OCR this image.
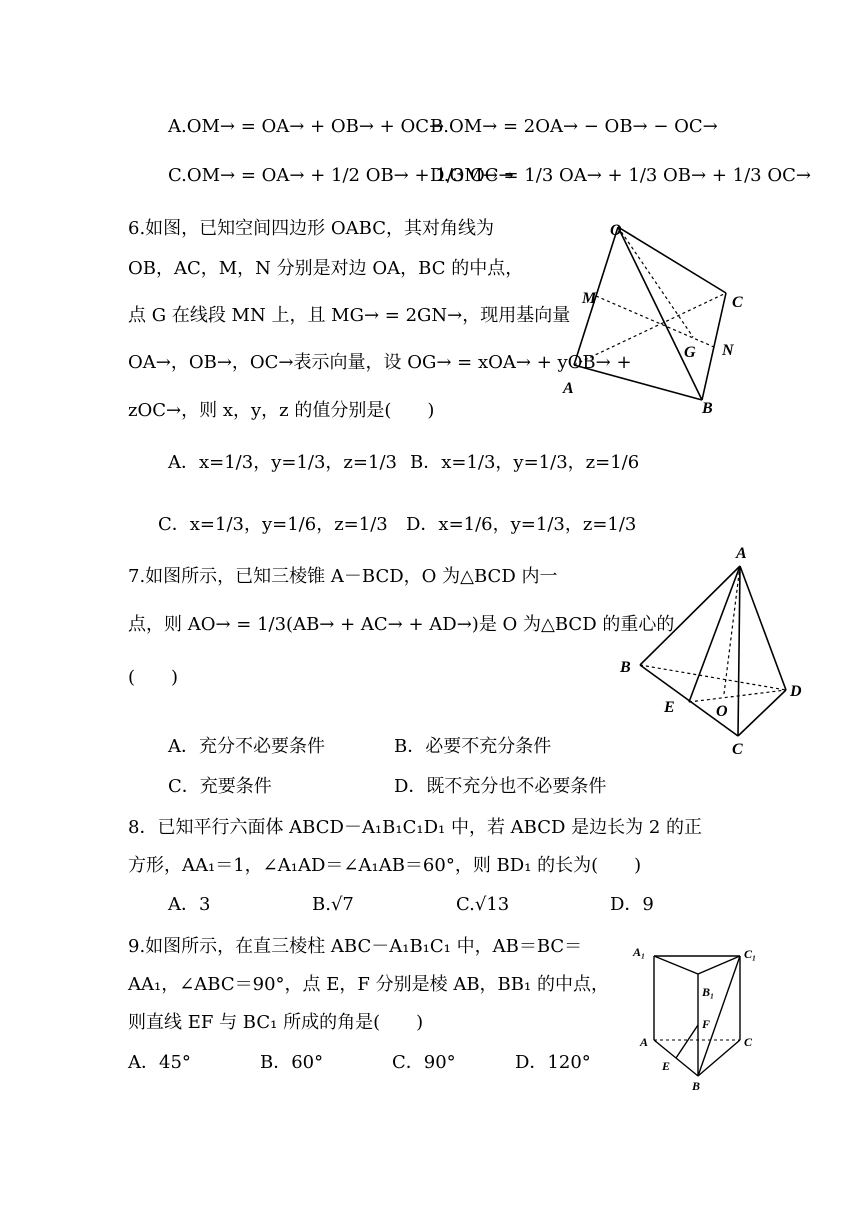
A.OM→ = OA→ + OB→ + OC→
B.OM→ = 2OA→ − OB→ − OC→
C.OM→ = OA→ + 1/2 OB→ + 1/3 OC→
D.OM→ = 1/3 OA→ + 1/3 OB→ + 1/3 OC→
6.如图，已知空间四边形 OABC，其对角线为
OB，AC，M，N 分别是对边 OA，BC 的中点，
点 G 在线段 MN 上，且 MG→ = 2GN→，现用基向量
OA→，OB→，OC→表示向量，设 OG→ = xOA→ + yOB→ +
zOC→，则 x，y，z 的值分别是(　　)
A．x=1/3，y=1/3，z=1/3 B．x=1/3，y=1/3，z=1/6
C．x=1/3，y=1/6，z=1/3 D．x=1/6，y=1/3，z=1/3
O
M	C
G N
A
B
7.如图所示，已知三棱锥 A－BCD，O 为△BCD 内一
点，则 AO→ = 1/3(AB→ + AC→ + AD→)是 O 为△BCD 的重心的
(　　)
A．充分不必要条件	B．必要不充分条件
C．充要条件	D．既不充分也不必要条件
A
B
D
E	O
C
8．已知平行六面体 ABCD－A₁B₁C₁D₁ 中，若 ABCD 是边长为 2 的正
方形，AA₁＝1，∠A₁AD＝∠A₁AB＝60°，则 BD₁ 的长为(　　)
A．3	B.√7	C.√13	D．9
9.如图所示，在直三棱柱 ABC－A₁B₁C₁ 中，AB＝BC＝
AA₁，∠ABC＝90°，点 E，F 分别是棱 AB，BB₁ 的中点，
则直线 EF 与 BC₁ 所成的角是(　　)
A．45°	B．60°	C．90°	D．120°
A₁	C₁
B₁
F
A	C
E
B
